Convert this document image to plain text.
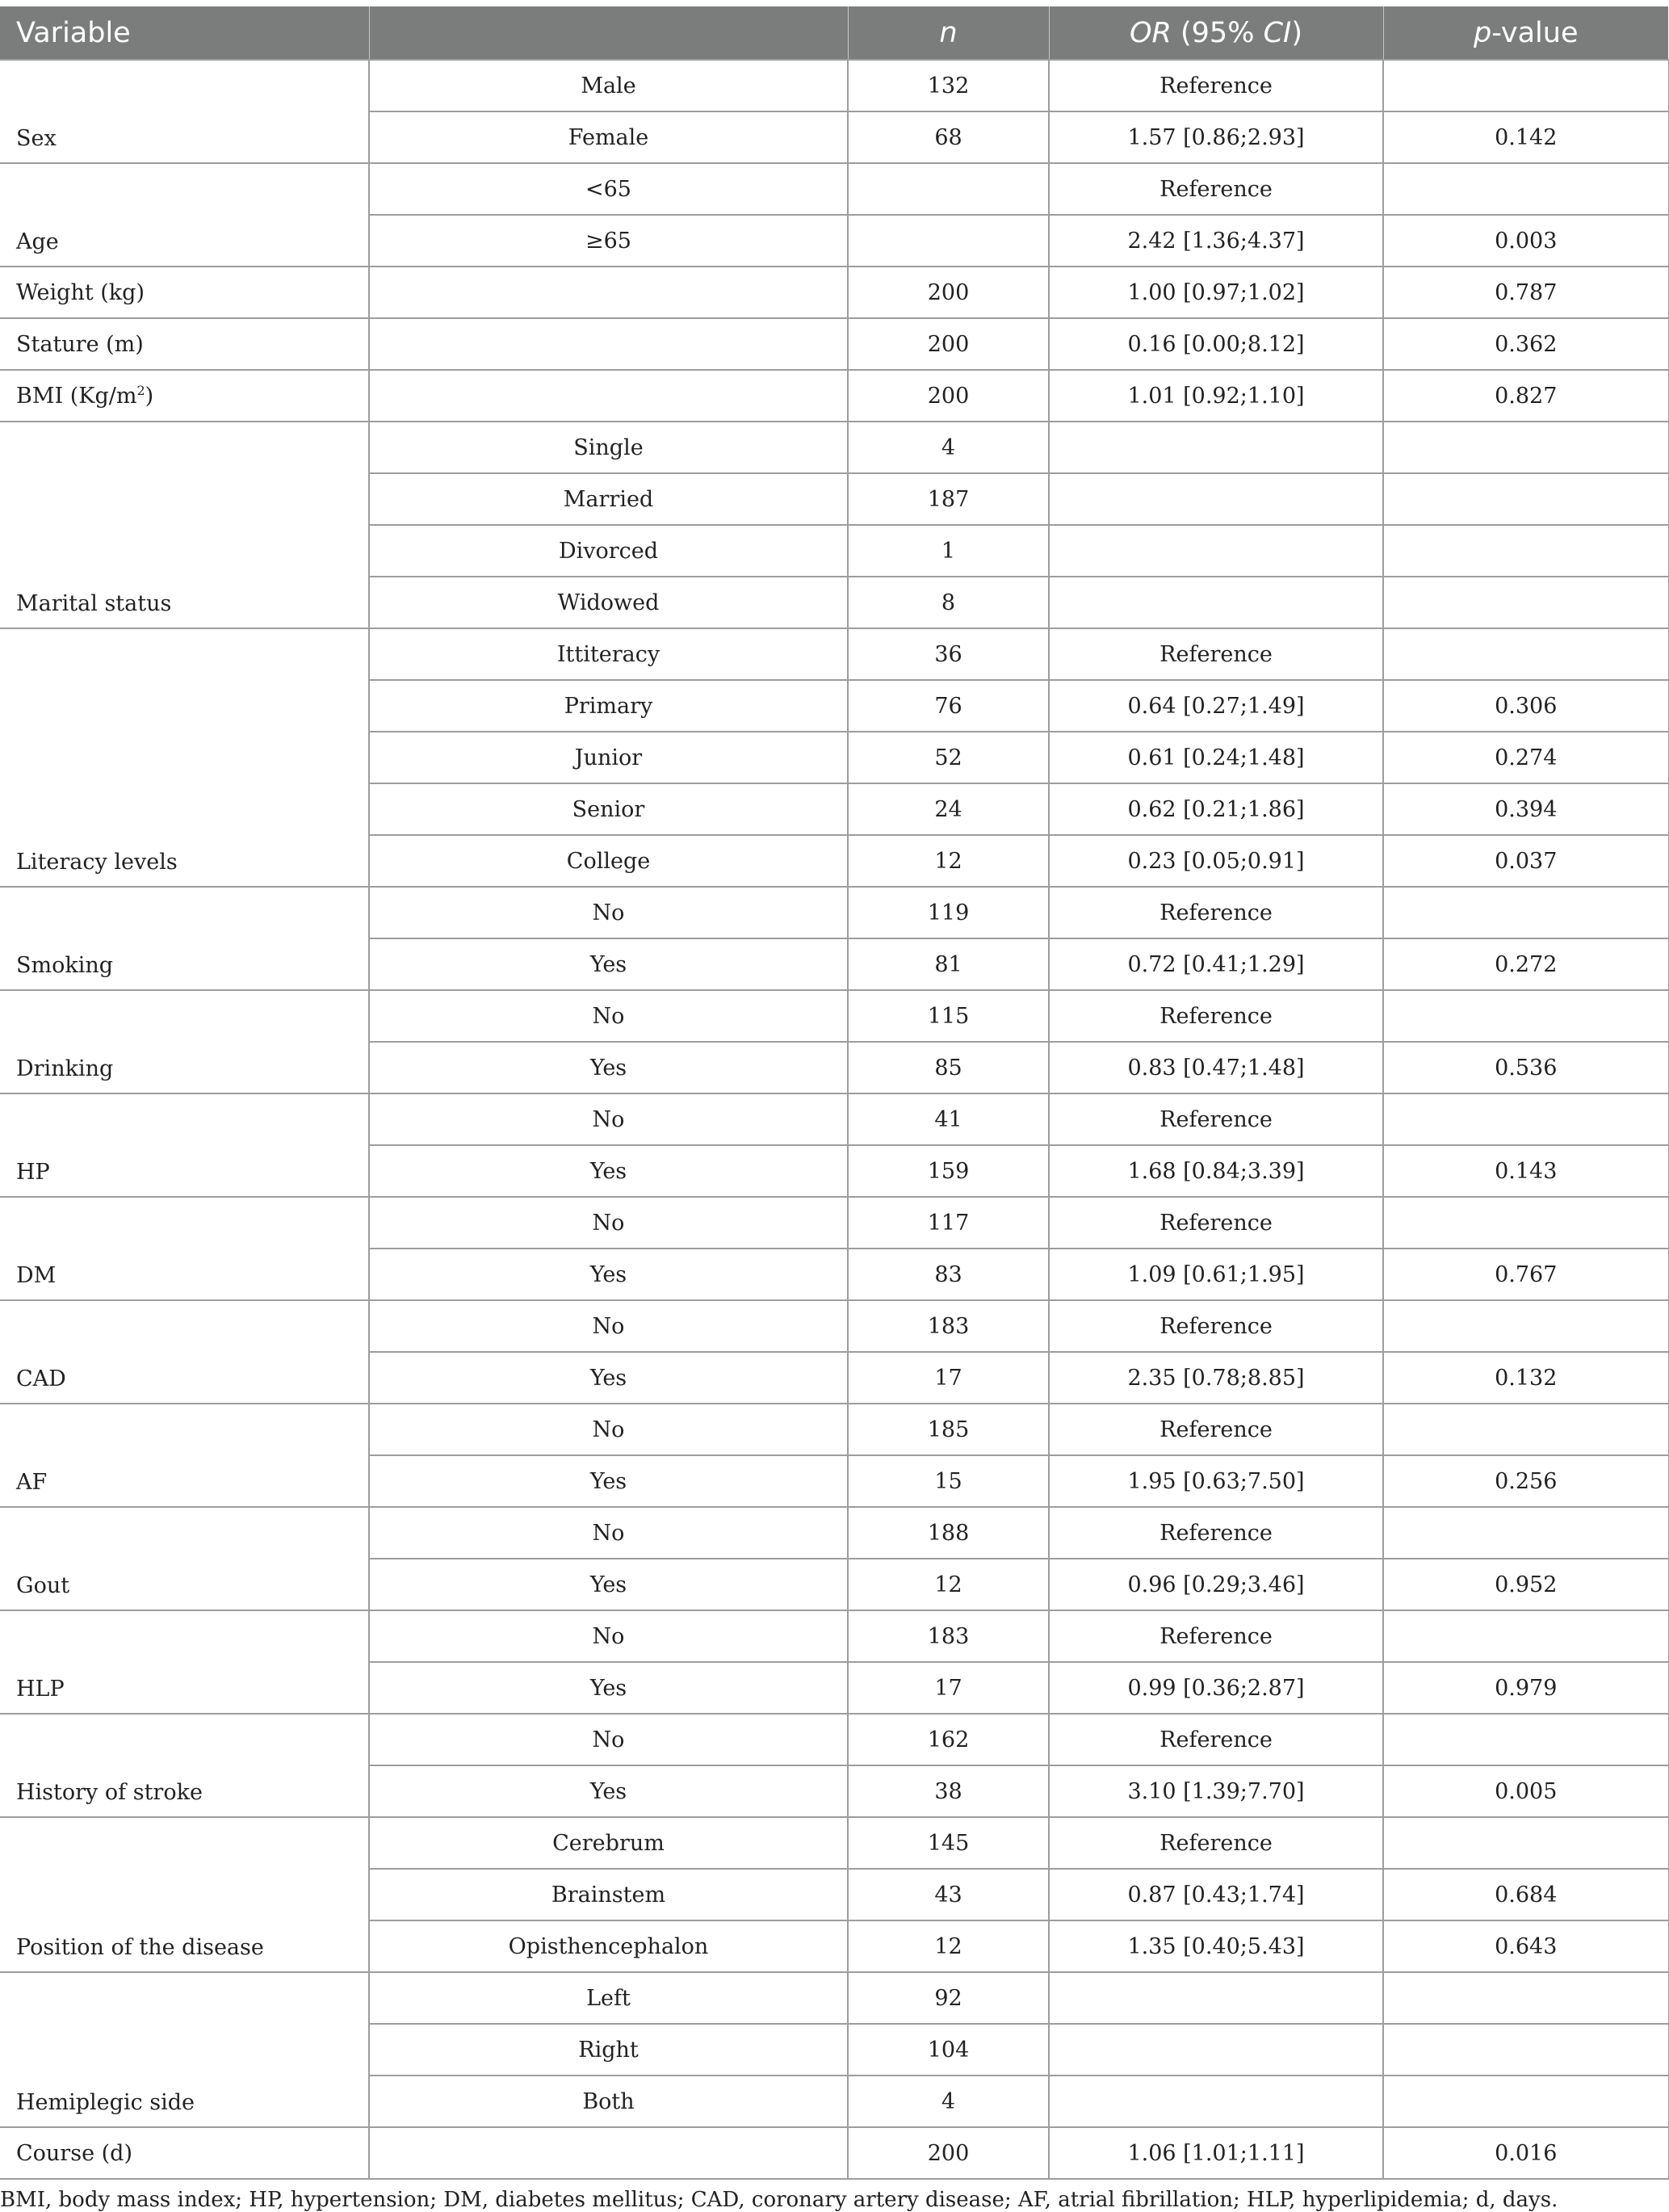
Variable		n	OR (95% CI)	p-value
Sex	Male	132	Reference	
	Female	68	1.57 [0.86;2.93]	0.142
Age	<65		Reference	
	≥65		2.42 [1.36;4.37]	0.003
Weight (kg)		200	1.00 [0.97;1.02]	0.787
Stature (m)		200	0.16 [0.00;8.12]	0.362
BMI $(Kg/m^2)$		200	1.01 [0.92;1.10]	0.827
Marital status	Single	4		
	Married	187		
	Divorced	1		
	Widowed	8		
Literacy levels	Ittiteracy	36	Reference	
	Primary	76	0.64 [0.27;1.49]	0.306
	Junior	52	0.61 [0.24;1.48]	0.274
	Senior	24	0.62 [0.21;1.86]	0.394
	College	12	0.23 [0.05;0.91]	0.037
Smoking	No	119	Reference	
	Yes	81	0.72 [0.41;1.29]	0.272
Drinking	No	115	Reference	
	Yes	85	0.83 [0.47;1.48]	0.536
HP	No	41	Reference	
	Yes	159	1.68 [0.84;3.39]	0.143
DM	No	117	Reference	
	Yes	83	1.09 [0.61;1.95]	0.767
CAD	No	183	Reference	
	Yes	17	2.35 [0.78;8.85]	0.132
AF	No	185	Reference	
	Yes	15	1.95 [0.63;7.50]	0.256
Gout	No	188	Reference	
	Yes	12	0.96 [0.29;3.46]	0.952
HLP	No	183	Reference	
	Yes	17	0.99 [0.36;2.87]	0.979
History of stroke	No	162	Reference	
	Yes	38	3.10 [1.39;7.70]	0.005
Position of the disease	Cerebrum	145	Reference	
	Brainstem	43	0.87 [0.43;1.74]	0.684
	Opisthencephalon	12	1.35 [0.40;5.43]	0.643
Hemiplegic side	Left	92		
	Right	104		
	Both	4		
Course (d)		200	1.06 [1.01;1.11]	0.016

BMI, body mass index; HP, hypertension; DM, diabetes mellitus; CAD, coronary artery disease; AF, atrial fibrillation; HLP, hyperlipidemia; d, days.
